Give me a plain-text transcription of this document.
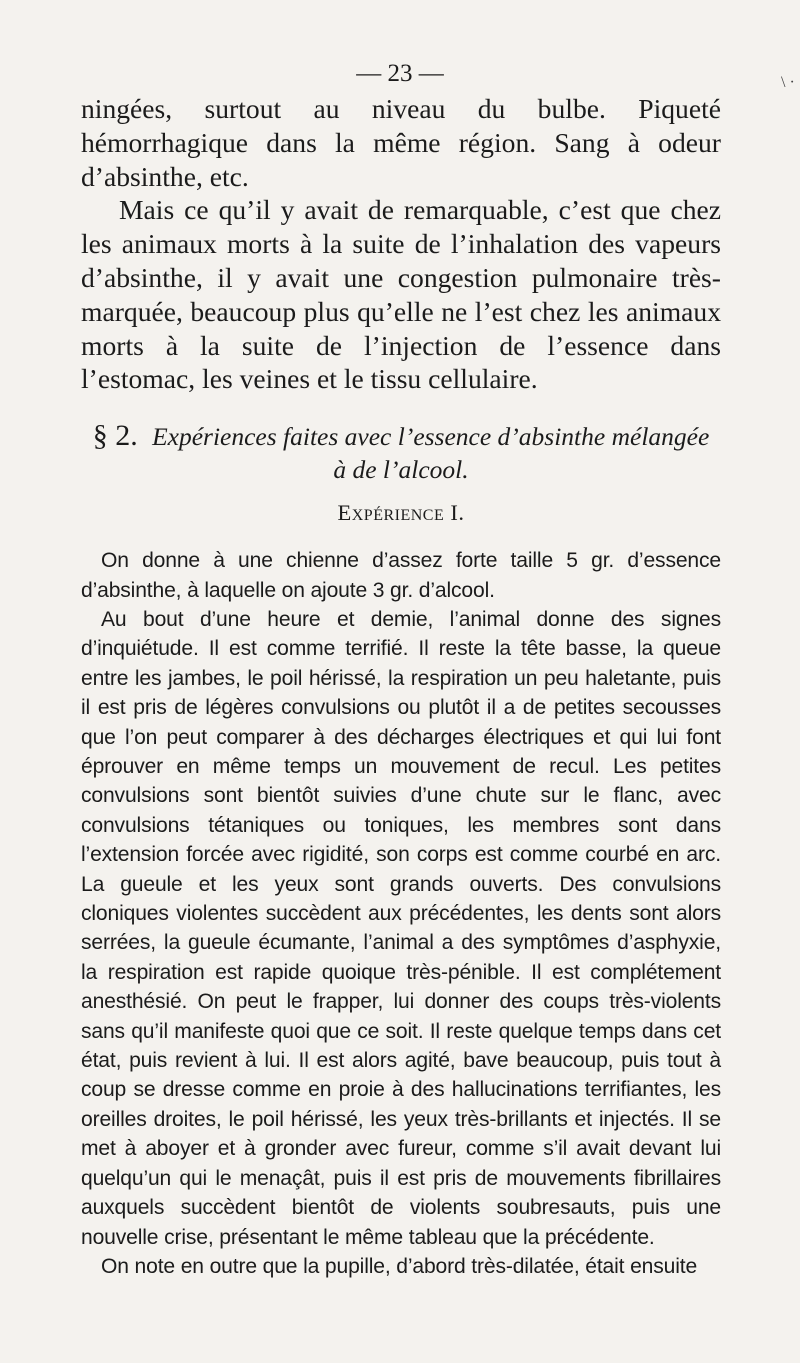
— 23 —	\ ·

ningées, surtout au niveau du bulbe. Piqueté hémorrhagique dans la même région. Sang à odeur d’absinthe, etc.

Mais ce qu’il y avait de remarquable, c’est que chez les animaux morts à la suite de l’inhalation des vapeurs d’absinthe, il y avait une congestion pulmonaire très-marquée, beaucoup plus qu’elle ne l’est chez les animaux morts à la suite de l’injection de l’essence dans l’estomac, les veines et le tissu cellulaire.

§ 2. Expériences faites avec l’essence d’absinthe mélangée
à de l’alcool.
Expérience I.

On donne à une chienne d’assez forte taille 5 gr. d’essence d’absinthe, à laquelle on ajoute 3 gr. d’alcool.

Au bout d’une heure et demie, l’animal donne des signes d’inquiétude. Il est comme terrifié. Il reste la tête basse, la queue entre les jambes, le poil hérissé, la respiration un peu haletante, puis il est pris de légères convulsions ou plutôt il a de petites secousses que l’on peut comparer à des décharges électriques et qui lui font éprouver en même temps un mouvement de recul. Les petites convulsions sont bientôt suivies d’une chute sur le flanc, avec convulsions tétaniques ou toniques, les membres sont dans l’extension forcée avec rigidité, son corps est comme courbé en arc. La gueule et les yeux sont grands ouverts. Des convulsions cloniques violentes succèdent aux précédentes, les dents sont alors serrées, la gueule écumante, l’animal a des symptômes d’asphyxie, la respiration est rapide quoique très-pénible. Il est complétement anesthésié. On peut le frapper, lui donner des coups très-violents sans qu’il manifeste quoi que ce soit. Il reste quelque temps dans cet état, puis revient à lui. Il est alors agité, bave beaucoup, puis tout à coup se dresse comme en proie à des hallucinations terrifiantes, les oreilles droites, le poil hérissé, les yeux très-brillants et injectés. Il se met à aboyer et à gronder avec fureur, comme s’il avait devant lui quelqu’un qui le menaçât, puis il est pris de mouvements fibrillaires auxquels succèdent bientôt de violents soubresauts, puis une nouvelle crise, présentant le même tableau que la précédente.

On note en outre que la pupille, d’abord très-dilatée, était ensuite
